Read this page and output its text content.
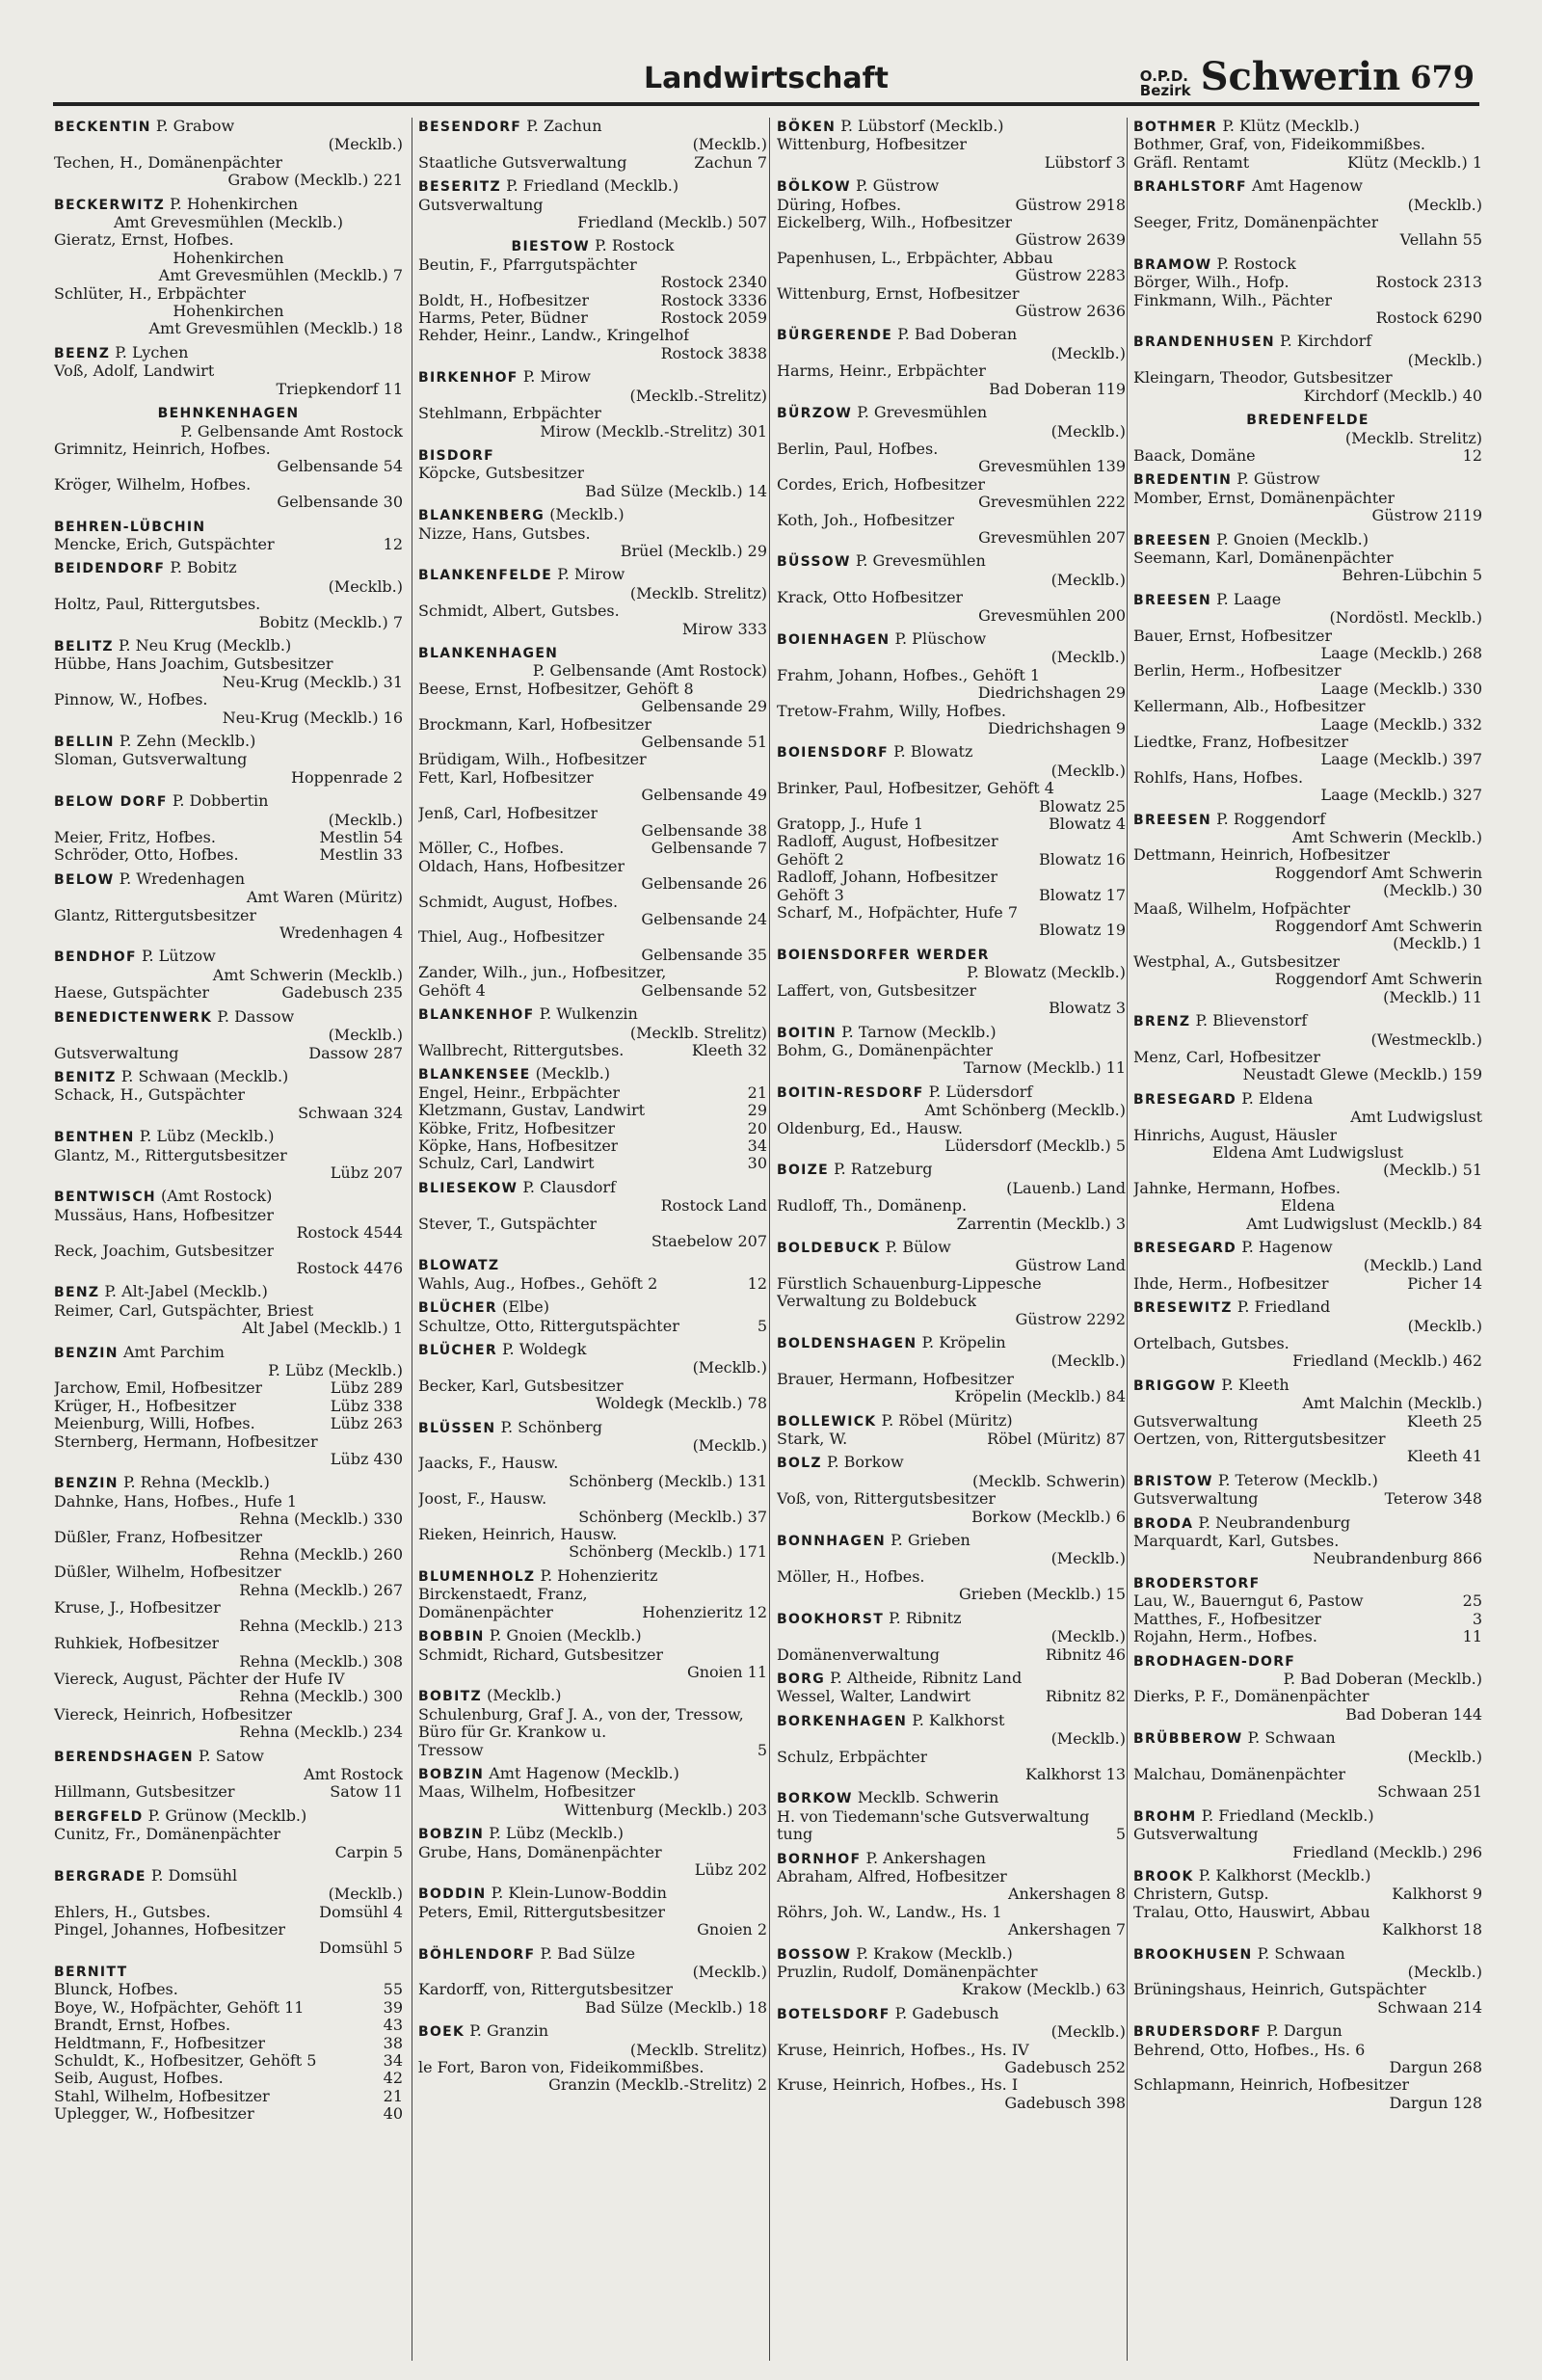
Landwirtschaft	O.P.D.
Bezirk Schwerin 679
BECKENTIN P. Grabow
(Mecklb.)
Techen, H., Domänenpächter
Grabow (Mecklb.) 221
BECKERWITZ P. Hohenkirchen
Amt Grevesmühlen (Mecklb.)
Gieratz, Ernst, Hofbes.
Hohenkirchen
Amt Grevesmühlen (Mecklb.) 7
Schlüter, H., Erbpächter
Hohenkirchen
Amt Grevesmühlen (Mecklb.) 18
BEENZ P. Lychen
Voß, Adolf, Landwirt
Triepkendorf 11
BEHNKENHAGEN
P. Gelbensande Amt Rostock
Grimnitz, Heinrich, Hofbes.
Gelbensande 54
Kröger, Wilhelm, Hofbes.
Gelbensande 30
BEHREN-LÜBCHIN
Mencke, Erich, Gutspächter	12
BEIDENDORF P. Bobitz
(Mecklb.)
Holtz, Paul, Rittergutsbes.
Bobitz (Mecklb.) 7
BELITZ P. Neu Krug (Mecklb.)
Hübbe, Hans Joachim, Gutsbesitzer
Neu-Krug (Mecklb.) 31
Pinnow, W., Hofbes.
Neu-Krug (Mecklb.) 16
BELLIN P. Zehn (Mecklb.)
Sloman, Gutsverwaltung
Hoppenrade 2
BELOW DORF P. Dobbertin
(Mecklb.)
Meier, Fritz, Hofbes.	Mestlin 54
Schröder, Otto, Hofbes.	Mestlin 33
BELOW P. Wredenhagen
Amt Waren (Müritz)
Glantz, Rittergutsbesitzer
Wredenhagen 4
BENDHOF P. Lützow
Amt Schwerin (Mecklb.)
Haese, Gutspächter	Gadebusch 235
BENEDICTENWERK P. Dassow
(Mecklb.)
Gutsverwaltung	Dassow 287
BENITZ P. Schwaan (Mecklb.)
Schack, H., Gutspächter
Schwaan 324
BENTHEN P. Lübz (Mecklb.)
Glantz, M., Rittergutsbesitzer
Lübz 207
BENTWISCH (Amt Rostock)
Mussäus, Hans, Hofbesitzer
Rostock 4544
Reck, Joachim, Gutsbesitzer
Rostock 4476
BENZ P. Alt-Jabel (Mecklb.)
Reimer, Carl, Gutspächter, Briest
Alt Jabel (Mecklb.) 1
BENZIN Amt Parchim
P. Lübz (Mecklb.)
Jarchow, Emil, Hofbesitzer	Lübz 289
Krüger, H., Hofbesitzer	Lübz 338
Meienburg, Willi, Hofbes.	Lübz 263
Sternberg, Hermann, Hofbesitzer
Lübz 430
BENZIN P. Rehna (Mecklb.)
Dahnke, Hans, Hofbes., Hufe 1
Rehna (Mecklb.) 330
Düßler, Franz, Hofbesitzer
Rehna (Mecklb.) 260
Düßler, Wilhelm, Hofbesitzer
Rehna (Mecklb.) 267
Kruse, J., Hofbesitzer
Rehna (Mecklb.) 213
Ruhkiek, Hofbesitzer
Rehna (Mecklb.) 308
Viereck, August, Pächter der Hufe IV
Rehna (Mecklb.) 300
Viereck, Heinrich, Hofbesitzer
Rehna (Mecklb.) 234
BERENDSHAGEN P. Satow
Amt Rostock
Hillmann, Gutsbesitzer	Satow 11
BERGFELD P. Grünow (Mecklb.)
Cunitz, Fr., Domänenpächter
Carpin 5
BERGRADE P. Domsühl
(Mecklb.)
Ehlers, H., Gutsbes.	Domsühl 4
Pingel, Johannes, Hofbesitzer
Domsühl 5
BERNITT
Blunck, Hofbes.	55
Boye, W., Hofpächter, Gehöft 11	39
Brandt, Ernst, Hofbes.	43
Heldtmann, F., Hofbesitzer	38
Schuldt, K., Hofbesitzer, Gehöft 5	34
Seib, August, Hofbes.	42
Stahl, Wilhelm, Hofbesitzer	21
Uplegger, W., Hofbesitzer	40
BESENDORF P. Zachun
(Mecklb.)
Staatliche Gutsverwaltung	Zachun 7
BESERITZ P. Friedland (Mecklb.)
Gutsverwaltung
Friedland (Mecklb.) 507
BIESTOW P. Rostock
Beutin, F., Pfarrgutspächter
Rostock 2340
Boldt, H., Hofbesitzer	Rostock 3336
Harms, Peter, Büdner	Rostock 2059
Rehder, Heinr., Landw., Kringelhof
Rostock 3838
BIRKENHOF P. Mirow
(Mecklb.-Strelitz)
Stehlmann, Erbpächter
Mirow (Mecklb.-Strelitz) 301
BISDORF
Köpcke, Gutsbesitzer
Bad Sülze (Mecklb.) 14
BLANKENBERG (Mecklb.)
Nizze, Hans, Gutsbes.
Brüel (Mecklb.) 29
BLANKENFELDE P. Mirow
(Mecklb. Strelitz)
Schmidt, Albert, Gutsbes.
Mirow 333
BLANKENHAGEN
P. Gelbensande (Amt Rostock)
Beese, Ernst, Hofbesitzer, Gehöft 8
Gelbensande 29
Brockmann, Karl, Hofbesitzer
Gelbensande 51
Brüdigam, Wilh., Hofbesitzer
Fett, Karl, Hofbesitzer
Gelbensande 49
Jenß, Carl, Hofbesitzer
Gelbensande 38
Möller, C., Hofbes.	Gelbensande 7
Oldach, Hans, Hofbesitzer
Gelbensande 26
Schmidt, August, Hofbes.
Gelbensande 24
Thiel, Aug., Hofbesitzer
Gelbensande 35
Zander, Wilh., jun., Hofbesitzer,
Gehöft 4	Gelbensande 52
BLANKENHOF P. Wulkenzin
(Mecklb. Strelitz)
Wallbrecht, Rittergutsbes.	Kleeth 32
BLANKENSEE (Mecklb.)
Engel, Heinr., Erbpächter	21
Kletzmann, Gustav, Landwirt	29
Köbke, Fritz, Hofbesitzer	20
Köpke, Hans, Hofbesitzer	34
Schulz, Carl, Landwirt	30
BLIESEKOW P. Clausdorf
Rostock Land
Stever, T., Gutspächter
Staebelow 207
BLOWATZ
Wahls, Aug., Hofbes., Gehöft 2	12
BLÜCHER (Elbe)
Schultze, Otto, Rittergutspächter	5
BLÜCHER P. Woldegk
(Mecklb.)
Becker, Karl, Gutsbesitzer
Woldegk (Mecklb.) 78
BLÜSSEN P. Schönberg
(Mecklb.)
Jaacks, F., Hausw.
Schönberg (Mecklb.) 131
Joost, F., Hausw.
Schönberg (Mecklb.) 37
Rieken, Heinrich, Hausw.
Schönberg (Mecklb.) 171
BLUMENHOLZ P. Hohenzieritz
Birckenstaedt, Franz,
Domänenpächter	Hohenzieritz 12
BOBBIN P. Gnoien (Mecklb.)
Schmidt, Richard, Gutsbesitzer
Gnoien 11
BOBITZ (Mecklb.)
Schulenburg, Graf J. A., von der, Tressow, Büro für Gr. Krankow u.
Tressow	5
BOBZIN Amt Hagenow (Mecklb.)
Maas, Wilhelm, Hofbesitzer
Wittenburg (Mecklb.) 203
BOBZIN P. Lübz (Mecklb.)
Grube, Hans, Domänenpächter
Lübz 202
BODDIN P. Klein-Lunow-Boddin
Peters, Emil, Rittergutsbesitzer
Gnoien 2
BÖHLENDORF P. Bad Sülze
(Mecklb.)
Kardorff, von, Rittergutsbesitzer
Bad Sülze (Mecklb.) 18
BOEK P. Granzin
(Mecklb. Strelitz)
le Fort, Baron von, Fideikommißbes.
Granzin (Mecklb.-Strelitz) 2
BÖKEN P. Lübstorf (Mecklb.)
Wittenburg, Hofbesitzer
Lübstorf 3
BÖLKOW P. Güstrow
Düring, Hofbes.	Güstrow 2918
Eickelberg, Wilh., Hofbesitzer
Güstrow 2639
Papenhusen, L., Erbpächter, Abbau
Güstrow 2283
Wittenburg, Ernst, Hofbesitzer
Güstrow 2636
BÜRGERENDE P. Bad Doberan
(Mecklb.)
Harms, Heinr., Erbpächter
Bad Doberan 119
BÜRZOW P. Grevesmühlen
(Mecklb.)
Berlin, Paul, Hofbes.
Grevesmühlen 139
Cordes, Erich, Hofbesitzer
Grevesmühlen 222
Koth, Joh., Hofbesitzer
Grevesmühlen 207
BÜSSOW P. Grevesmühlen
(Mecklb.)
Krack, Otto Hofbesitzer
Grevesmühlen 200
BOIENHAGEN P. Plüschow
(Mecklb.)
Frahm, Johann, Hofbes., Gehöft 1
Diedrichshagen 29
Tretow-Frahm, Willy, Hofbes.
Diedrichshagen 9
BOIENSDORF P. Blowatz
(Mecklb.)
Brinker, Paul, Hofbesitzer, Gehöft 4
Blowatz 25
Gratopp, J., Hufe 1	Blowatz 4
Radloff, August, Hofbesitzer
Gehöft 2	Blowatz 16
Radloff, Johann, Hofbesitzer
Gehöft 3	Blowatz 17
Scharf, M., Hofpächter, Hufe 7
Blowatz 19
BOIENSDORFER WERDER
P. Blowatz (Mecklb.)
Laffert, von, Gutsbesitzer
Blowatz 3
BOITIN P. Tarnow (Mecklb.)
Bohm, G., Domänenpächter
Tarnow (Mecklb.) 11
BOITIN-RESDORF P. Lüdersdorf
Amt Schönberg (Mecklb.)
Oldenburg, Ed., Hausw.
Lüdersdorf (Mecklb.) 5
BOIZE P. Ratzeburg
(Lauenb.) Land
Rudloff, Th., Domänenp.
Zarrentin (Mecklb.) 3
BOLDEBUCK P. Bülow
Güstrow Land
Fürstlich Schauenburg-Lippesche
Verwaltung zu Boldebuck
Güstrow 2292
BOLDENSHAGEN P. Kröpelin
(Mecklb.)
Brauer, Hermann, Hofbesitzer
Kröpelin (Mecklb.) 84
BOLLEWICK P. Röbel (Müritz)
Stark, W.	Röbel (Müritz) 87
BOLZ P. Borkow
(Mecklb. Schwerin)
Voß, von, Rittergutsbesitzer
Borkow (Mecklb.) 6
BONNHAGEN P. Grieben
(Mecklb.)
Möller, H., Hofbes.
Grieben (Mecklb.) 15
BOOKHORST P. Ribnitz
(Mecklb.)
Domänenverwaltung	Ribnitz 46
BORG P. Altheide, Ribnitz Land
Wessel, Walter, Landwirt	Ribnitz 82
BORKENHAGEN P. Kalkhorst
(Mecklb.)
Schulz, Erbpächter
Kalkhorst 13
BORKOW Mecklb. Schwerin
H. von Tiedemann'sche Gutsverwaltung
tung	5
BORNHOF P. Ankershagen
Abraham, Alfred, Hofbesitzer
Ankershagen 8
Röhrs, Joh. W., Landw., Hs. 1
Ankershagen 7
BOSSOW P. Krakow (Mecklb.)
Pruzlin, Rudolf, Domänenpächter
Krakow (Mecklb.) 63
BOTELSDORF P. Gadebusch
(Mecklb.)
Kruse, Heinrich, Hofbes., Hs. IV
Gadebusch 252
Kruse, Heinrich, Hofbes., Hs. I
Gadebusch 398
BOTHMER P. Klütz (Mecklb.)
Bothmer, Graf, von, Fideikommißbes.
Gräfl. Rentamt	Klütz (Mecklb.) 1
BRAHLSTORF Amt Hagenow
(Mecklb.)
Seeger, Fritz, Domänenpächter
Vellahn 55
BRAMOW P. Rostock
Börger, Wilh., Hofp.	Rostock 2313
Finkmann, Wilh., Pächter
Rostock 6290
BRANDENHUSEN P. Kirchdorf
(Mecklb.)
Kleingarn, Theodor, Gutsbesitzer
Kirchdorf (Mecklb.) 40
BREDENFELDE
(Mecklb. Strelitz)
Baack, Domäne	12
BREDENTIN P. Güstrow
Momber, Ernst, Domänenpächter
Güstrow 2119
BREESEN P. Gnoien (Mecklb.)
Seemann, Karl, Domänenpächter
Behren-Lübchin 5
BREESEN P. Laage
(Nordöstl. Mecklb.)
Bauer, Ernst, Hofbesitzer
Laage (Mecklb.) 268
Berlin, Herm., Hofbesitzer
Laage (Mecklb.) 330
Kellermann, Alb., Hofbesitzer
Laage (Mecklb.) 332
Liedtke, Franz, Hofbesitzer
Laage (Mecklb.) 397
Rohlfs, Hans, Hofbes.
Laage (Mecklb.) 327
BREESEN P. Roggendorf
Amt Schwerin (Mecklb.)
Dettmann, Heinrich, Hofbesitzer
Roggendorf Amt Schwerin
(Mecklb.) 30
Maaß, Wilhelm, Hofpächter
Roggendorf Amt Schwerin
(Mecklb.) 1
Westphal, A., Gutsbesitzer
Roggendorf Amt Schwerin
(Mecklb.) 11
BRENZ P. Blievenstorf
(Westmecklb.)
Menz, Carl, Hofbesitzer
Neustadt Glewe (Mecklb.) 159
BRESEGARD P. Eldena
Amt Ludwigslust
Hinrichs, August, Häusler
Eldena Amt Ludwigslust
(Mecklb.) 51
Jahnke, Hermann, Hofbes.
Eldena
Amt Ludwigslust (Mecklb.) 84
BRESEGARD P. Hagenow
(Mecklb.) Land
Ihde, Herm., Hofbesitzer	Picher 14
BRESEWITZ P. Friedland
(Mecklb.)
Ortelbach, Gutsbes.
Friedland (Mecklb.) 462
BRIGGOW P. Kleeth
Amt Malchin (Mecklb.)
Gutsverwaltung	Kleeth 25
Oertzen, von, Rittergutsbesitzer
Kleeth 41
BRISTOW P. Teterow (Mecklb.)
Gutsverwaltung	Teterow 348
BRODA P. Neubrandenburg
Marquardt, Karl, Gutsbes.
Neubrandenburg 866
BRODERSTORF
Lau, W., Bauerngut 6, Pastow	25
Matthes, F., Hofbesitzer	3
Rojahn, Herm., Hofbes.	11
BRODHAGEN-DORF
P. Bad Doberan (Mecklb.)
Dierks, P. F., Domänenpächter
Bad Doberan 144
BRÜBBEROW P. Schwaan
(Mecklb.)
Malchau, Domänenpächter
Schwaan 251
BROHM P. Friedland (Mecklb.)
Gutsverwaltung
Friedland (Mecklb.) 296
BROOK P. Kalkhorst (Mecklb.)
Christern, Gutsp.	Kalkhorst 9
Tralau, Otto, Hauswirt, Abbau
Kalkhorst 18
BROOKHUSEN P. Schwaan
(Mecklb.)
Brüningshaus, Heinrich, Gutspächter
Schwaan 214
BRUDERSDORF P. Dargun
Behrend, Otto, Hofbes., Hs. 6
Dargun 268
Schlapmann, Heinrich, Hofbesitzer
Dargun 128
